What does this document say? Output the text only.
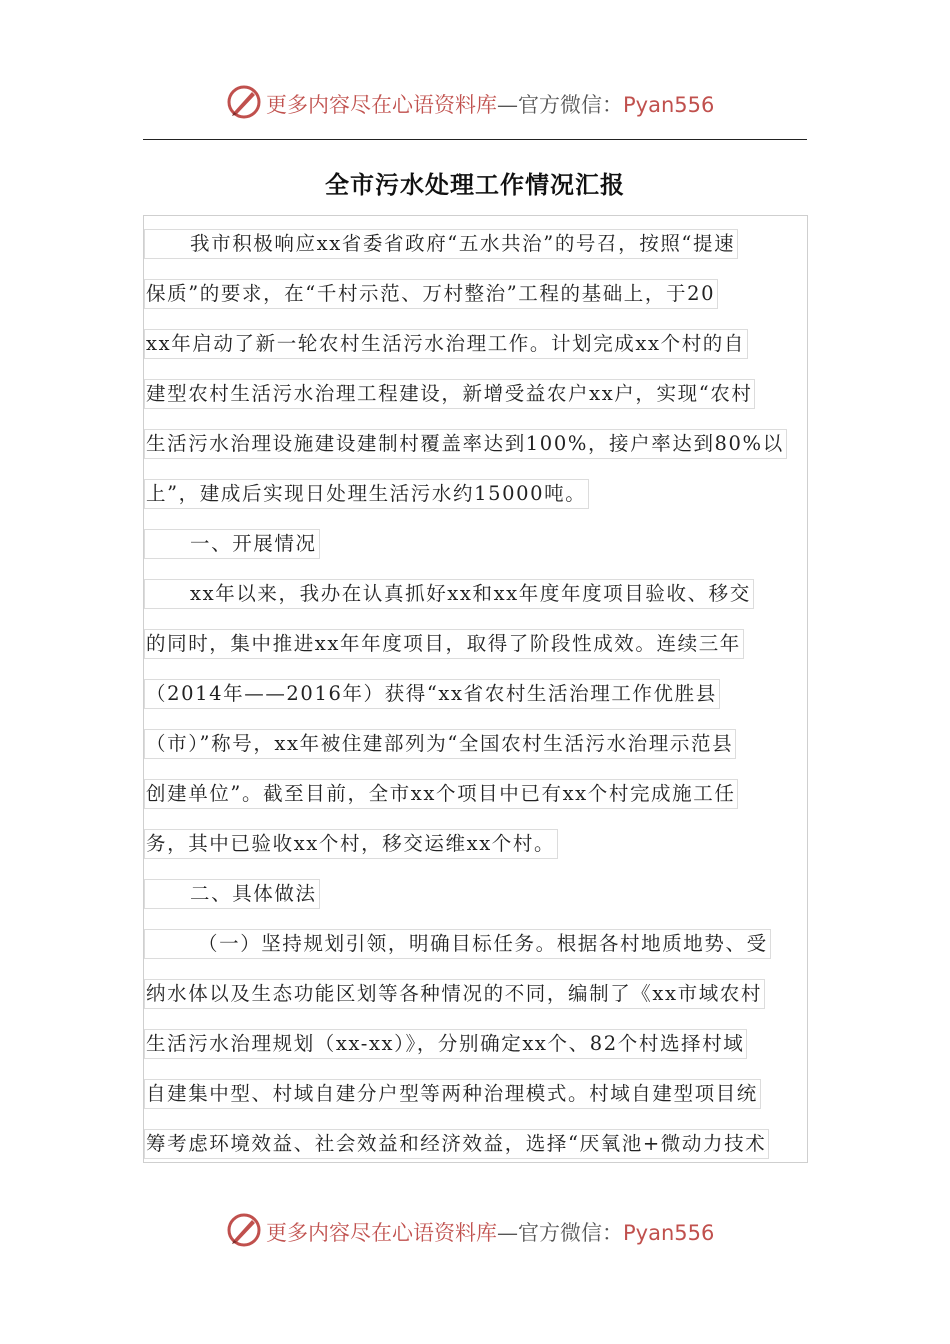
更多内容尽在心语资料库—官方微信：Pyan556
全市污水处理工作情况汇报
我市积极响应xx省委省政府“五水共治”的号召，按照“提速
保质”的要求，在“千村示范、万村整治”工程的基础上，于20
xx年启动了新一轮农村生活污水治理工作。计划完成xx个村的自
建型农村生活污水治理工程建设，新增受益农户xx户，实现“农村
生活污水治理设施建设建制村覆盖率达到100%，接户率达到80%以
上”，建成后实现日处理生活污水约15000吨。
一、开展情况
xx年以来，我办在认真抓好xx和xx年度年度项目验收、移交
的同时，集中推进xx年年度项目，取得了阶段性成效。连续三年
（2014年——2016年）获得“xx省农村生活治理工作优胜县
（市）”称号，xx年被住建部列为“全国农村生活污水治理示范县
创建单位”。截至目前，全市xx个项目中已有xx个村完成施工任
务，其中已验收xx个村，移交运维xx个村。
二、具体做法
（一）坚持规划引领，明确目标任务。根据各村地质地势、受
纳水体以及生态功能区划等各种情况的不同，编制了《xx市域农村
生活污水治理规划（xx-xx）》，分别确定xx个、82个村选择村域
自建集中型、村域自建分户型等两种治理模式。村域自建型项目统
筹考虑环境效益、社会效益和经济效益，选择“厌氧池+微动力技术
更多内容尽在心语资料库—官方微信：Pyan556
